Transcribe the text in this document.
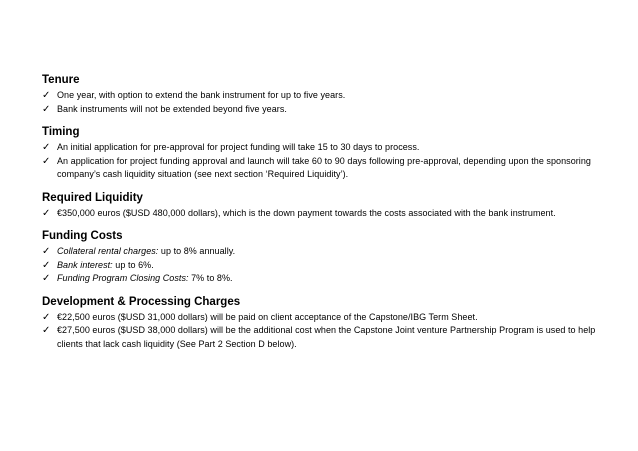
Tenure
✓ One year, with option to extend the bank instrument for up to five years.
✓ Bank instruments will not be extended beyond five years.
Timing
✓ An initial application for pre-approval for project funding will take 15 to 30 days to process.
✓ An application for project funding approval and launch will take 60 to 90 days following pre-approval, depending upon the sponsoring company’s cash liquidity situation (see next section ‘Required Liquidity’).
Required Liquidity
✓ €350,000 euros ($USD 480,000 dollars), which is the down payment towards the costs associated with the bank instrument.
Funding Costs
✓ Collateral rental charges: up to 8% annually.
✓ Bank interest: up to 6%.
✓ Funding Program Closing Costs: 7% to 8%.
Development & Processing Charges
✓ €22,500 euros ($USD 31,000 dollars) will be paid on client acceptance of the Capstone/IBG Term Sheet.
✓ €27,500 euros ($USD 38,000 dollars) will be the additional cost when the Capstone Joint venture Partnership Program is used to help clients that lack cash liquidity (See Part 2 Section D below).
